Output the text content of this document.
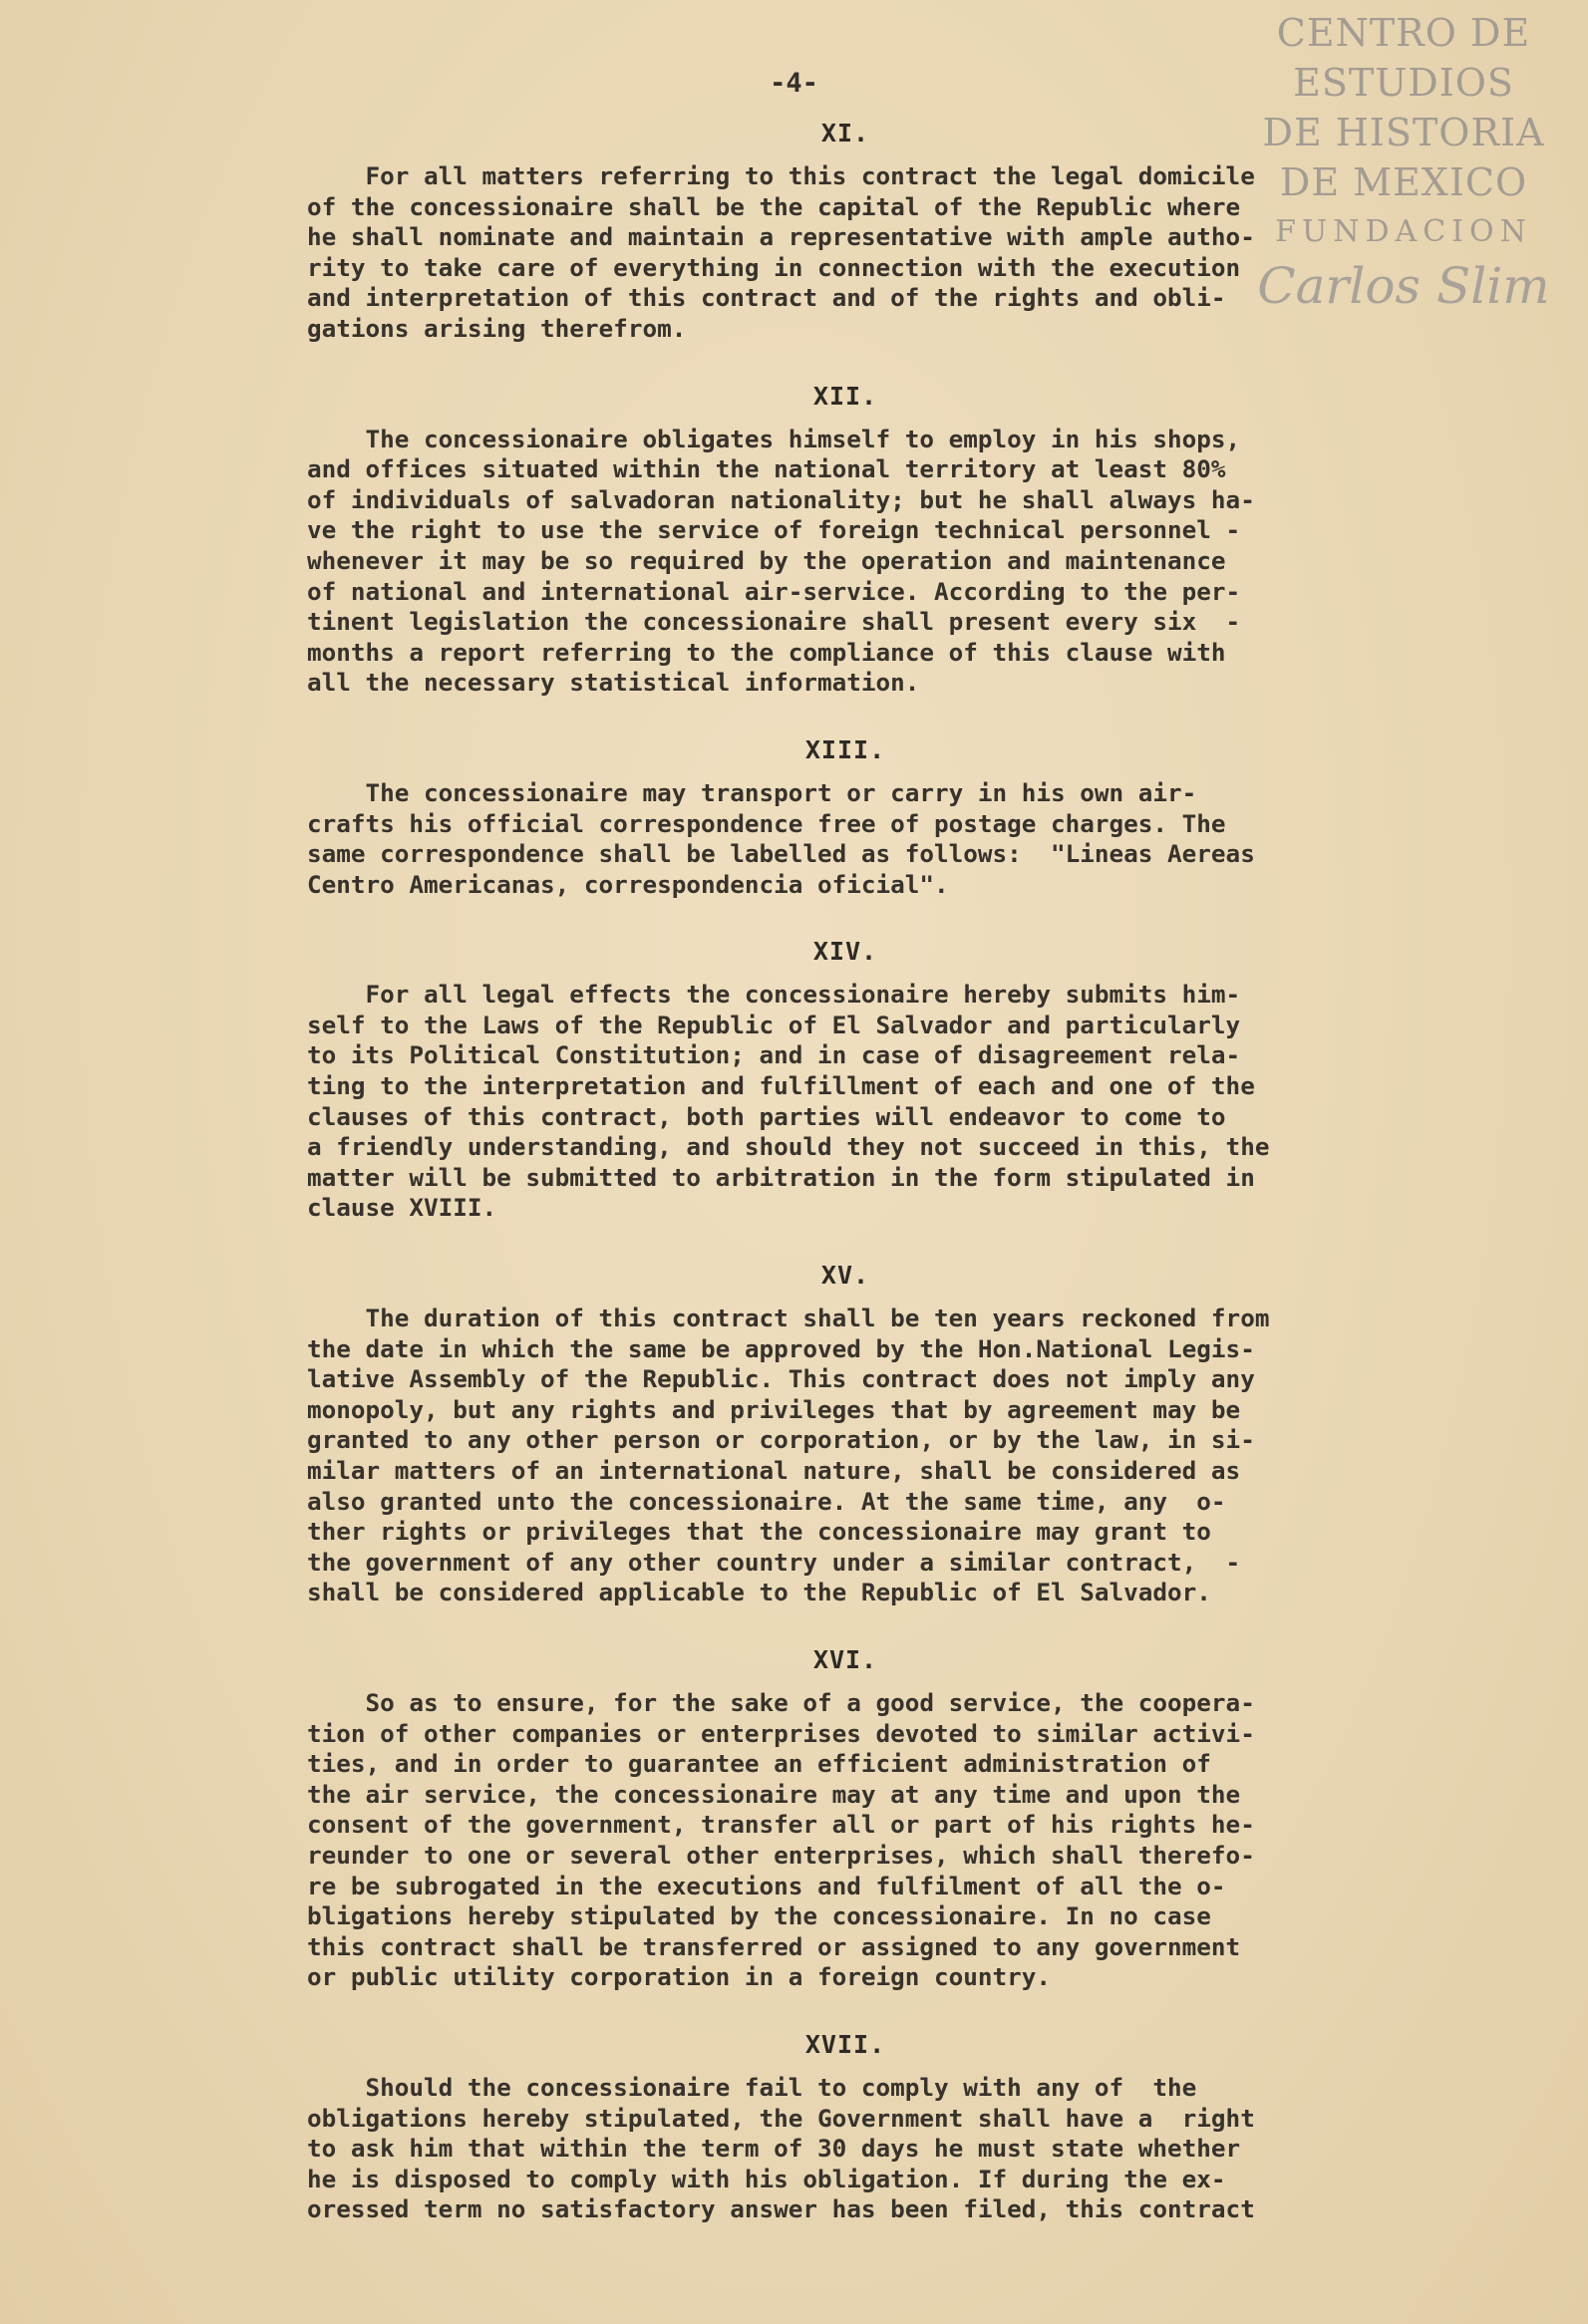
CENTRO DE
ESTUDIOS
DE HISTORIA
DE MEXICO
FUNDACION
Carlos Slim
-4-
XI.
For all matters referring to this contract the legal domicile
of the concessionaire shall be the capital of the Republic where
he shall nominate and maintain a representative with ample autho-
rity to take care of everything in connection with the execution
and interpretation of this contract and of the rights and obli-
gations arising therefrom.
XII.
The concessionaire obligates himself to employ in his shops,
and offices situated within the national territory at least 80%
of individuals of salvadoran nationality; but he shall always ha-
ve the right to use the service of foreign technical personnel -
whenever it may be so required by the operation and maintenance
of national and international air-service. According to the per-
tinent legislation the concessionaire shall present every six  -
months a report referring to the compliance of this clause with
all the necessary statistical information.
XIII.
The concessionaire may transport or carry in his own air-
crafts his official correspondence free of postage charges. The
same correspondence shall be labelled as follows:  "Lineas Aereas
Centro Americanas, correspondencia oficial".
XIV.
For all legal effects the concessionaire hereby submits him-
self to the Laws of the Republic of El Salvador and particularly
to its Political Constitution; and in case of disagreement rela-
ting to the interpretation and fulfillment of each and one of the
clauses of this contract, both parties will endeavor to come to
a friendly understanding, and should they not succeed in this, the
matter will be submitted to arbitration in the form stipulated in
clause XVIII.
XV.
The duration of this contract shall be ten years reckoned from
the date in which the same be approved by the Hon.National Legis-
lative Assembly of the Republic. This contract does not imply any
monopoly, but any rights and privileges that by agreement may be
granted to any other person or corporation, or by the law, in si-
milar matters of an international nature, shall be considered as
also granted unto the concessionaire. At the same time, any  o-
ther rights or privileges that the concessionaire may grant to
the government of any other country under a similar contract,  -
shall be considered applicable to the Republic of El Salvador.
XVI.
So as to ensure, for the sake of a good service, the coopera-
tion of other companies or enterprises devoted to similar activi-
ties, and in order to guarantee an efficient administration of
the air service, the concessionaire may at any time and upon the
consent of the government, transfer all or part of his rights he-
reunder to one or several other enterprises, which shall therefo-
re be subrogated in the executions and fulfilment of all the o-
bligations hereby stipulated by the concessionaire. In no case
this contract shall be transferred or assigned to any government
or public utility corporation in a foreign country.
XVII.
Should the concessionaire fail to comply with any of  the
obligations hereby stipulated, the Government shall have a  right
to ask him that within the term of 30 days he must state whether
he is disposed to comply with his obligation. If during the ex-
oressed term no satisfactory answer has been filed, this contract
